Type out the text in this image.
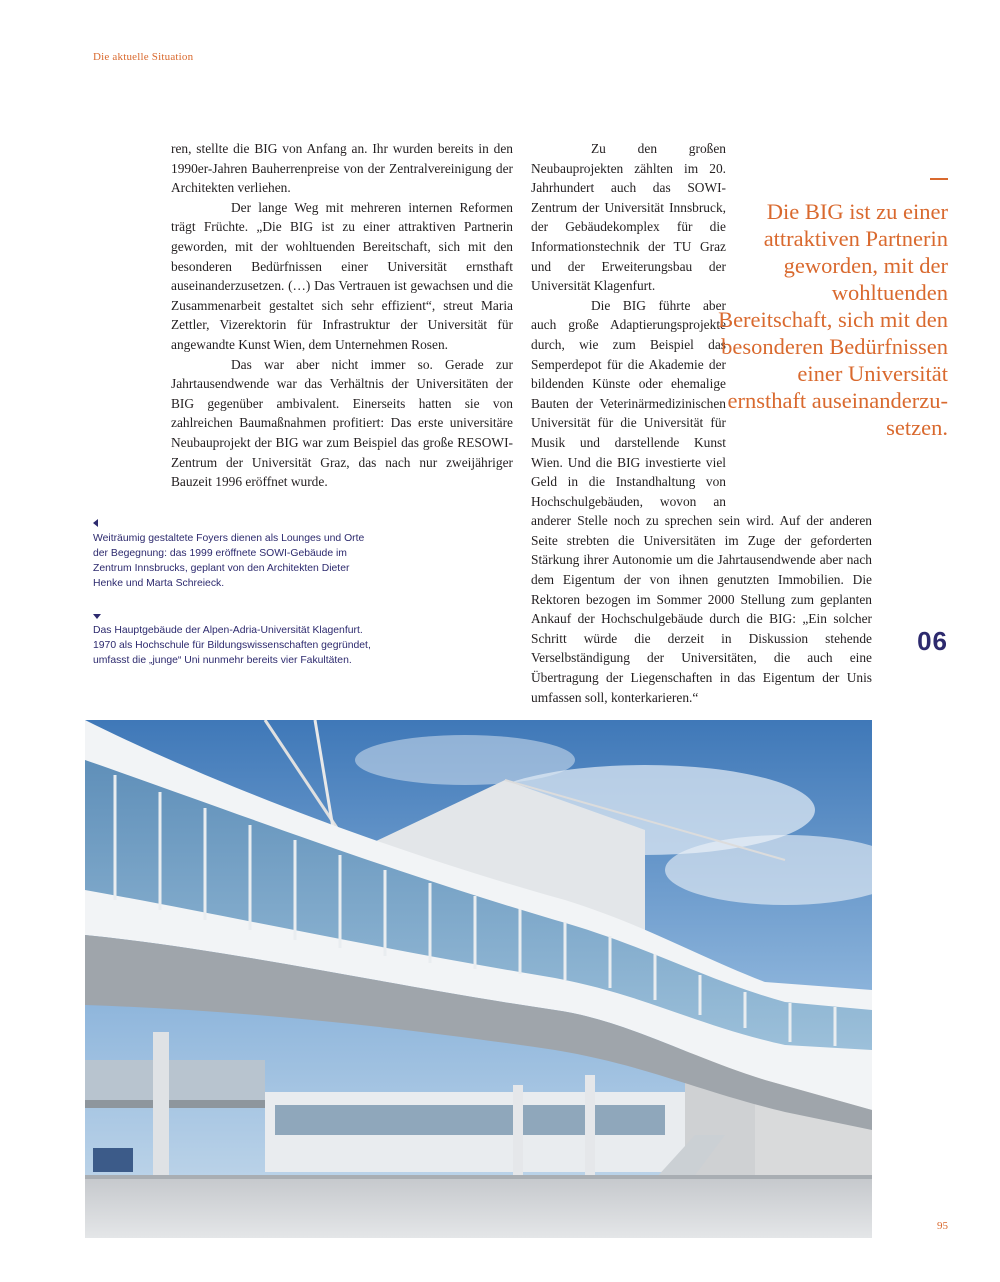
Die aktuelle Situation

ren, stellte die BIG von Anfang an. Ihr wurden bereits in den 1990er-Jahren Bauherrenpreise von der Zentralvereinigung der Architekten verliehen.

Der lange Weg mit mehreren internen Reformen trägt Früchte. „Die BIG ist zu einer attraktiven Partnerin geworden, mit der wohltuenden Bereitschaft, sich mit den besonderen Bedürfnissen einer Universität ernsthaft auseinanderzusetzen. (…) Das Vertrauen ist gewachsen und die Zusammenarbeit gestaltet sich sehr effizient“, streut Maria Zettler, Vizerektorin für Infrastruktur der Universität für angewandte Kunst Wien, dem Unternehmen Rosen.

Das war aber nicht immer so. Gerade zur Jahrtausendwende war das Verhältnis der Universitäten der BIG gegenüber ambivalent. Einerseits hatten sie von zahlreichen Baumaßnahmen profitiert: Das erste universitäre Neubauprojekt der BIG war zum Beispiel das große RESOWI-Zentrum der Universität Graz, das nach nur zweijähriger Bauzeit 1996 eröffnet wurde.

Zu den großen Neubauprojekten zählten im 20. Jahrhundert auch das SOWI-Zentrum der Universität Innsbruck, der Gebäudekomplex für die Informationstechnik der TU Graz und der Erweiterungsbau der Universität Klagenfurt.

Die BIG führte aber auch große Adaptierungsprojekte durch, wie zum Beispiel das Semperdepot für die Akademie der bildenden Künste oder ehemalige Bauten der Veterinärmedizinischen Universität für die Universität für Musik und darstellende Kunst Wien. Und die BIG investierte viel Geld in die Instandhaltung von Hochschulgebäuden, wovon an anderer Stelle noch zu sprechen sein wird. Auf der anderen Seite strebten die Universitäten im Zuge der geforderten Stärkung ihrer Autonomie um die Jahrtausendwende aber nach dem Eigentum der von ihnen genutzten Immobilien. Die Rektoren bezogen im Sommer 2000 Stellung zum geplanten Ankauf der Hochschulgebäude durch die BIG: „Ein solcher Schritt würde die derzeit in Diskussion stehende Verselbständigung der Universitäten, die auch eine Übertragung der Liegenschaften in das Eigentum der Unis umfassen soll, konterkarieren.“

Die BIG ist zu einer attraktiven Partnerin geworden, mit der wohltuenden Bereitschaft, sich mit den besonderen Bedürfnissen einer Universität ernsthaft auseinanderzu-setzen.
06
Weiträumig gestaltete Foyers dienen als Lounges und Orte der Begegnung: das 1999 eröffnete SOWI-Gebäude im Zentrum Innsbrucks, geplant von den Architekten Dieter Henke und Marta Schreieck.
Das Hauptgebäude der Alpen-Adria-Universität Klagenfurt. 1970 als Hochschule für Bildungswissenschaften gegründet, umfasst die „junge“ Uni nunmehr bereits vier Fakultäten.
95
